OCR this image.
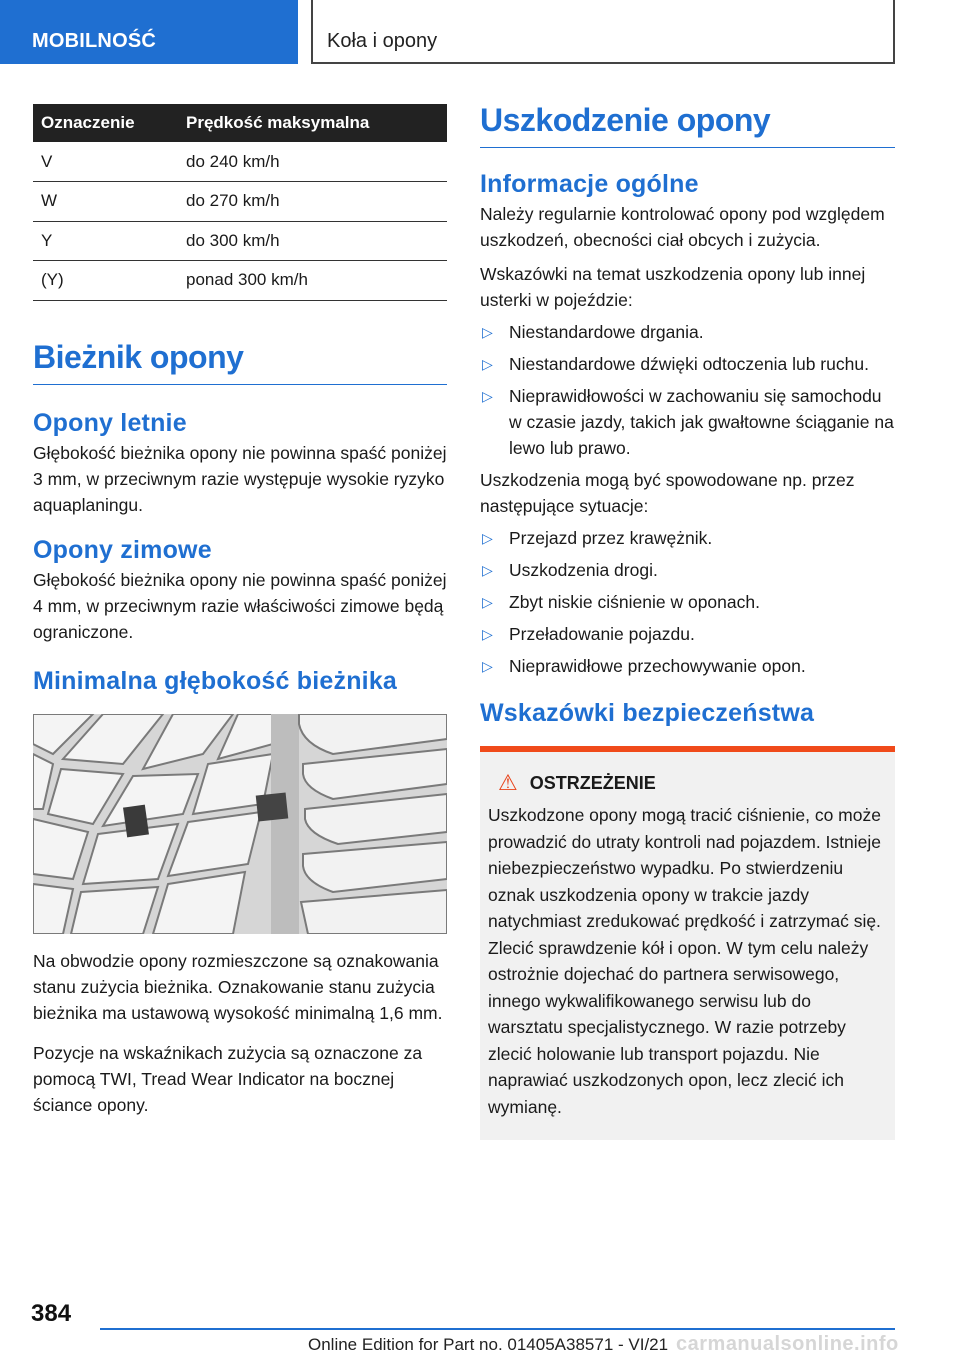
MOBILNOŚĆ	Koła i opony
Oznaczenie	Prędkość maksymalna
V	do 240 km/h
W	do 270 km/h
Y	do 300 km/h
(Y)	ponad 300 km/h
Bieżnik opony
Opony letnie

Głębokość bieżnika opony nie powinna spaść poniżej 3 mm, w przeciwnym razie występuje wysokie ryzyko aquaplaningu.

Opony zimowe

Głębokość bieżnika opony nie powinna spaść poniżej 4 mm, w przeciwnym razie właściwości zimowe będą ograniczone.

Minimalna głębokość bieżnika

Na obwodzie opony rozmieszczone są oznakowania stanu zużycia bieżnika. Oznakowanie stanu zużycia bieżnika ma ustawową wysokość minimalną 1,6 mm.

Pozycje na wskaźnikach zużycia są oznaczone za pomocą TWI, Tread Wear Indicator na bocznej ściance opony.

Uszkodzenie opony
Informacje ogólne

Należy regularnie kontrolować opony pod względem uszkodzeń, obecności ciał obcych i zużycia.

Wskazówki na temat uszkodzenia opony lub innej usterki w pojeździe:

▷ Niestandardowe drgania.
▷ Niestandardowe dźwięki odtoczenia lub ruchu.
▷ Nieprawidłowości w zachowaniu się samochodu w czasie jazdy, takich jak gwałtowne ściąganie na lewo lub prawo.

Uszkodzenia mogą być spowodowane np. przez następujące sytuacje:

▷ Przejazd przez krawężnik.
▷ Uszkodzenia drogi.
▷ Zbyt niskie ciśnienie w oponach.
▷ Przeładowanie pojazdu.
▷ Nieprawidłowe przechowywanie opon.
Wskazówki bezpieczeństwa
⚠ OSTRZEŻENIE

Uszkodzone opony mogą tracić ciśnienie, co może prowadzić do utraty kontroli nad pojazdem. Istnieje niebezpieczeństwo wypadku. Po stwierdzeniu oznak uszkodzenia opony w trakcie jazdy natychmiast zredukować prędkość i zatrzymać się. Zlecić sprawdzenie kół i opon. W tym celu należy ostrożnie dojechać do partnera serwisowego, innego wykwalifikowanego serwisu lub do warsztatu specjalistycznego. W razie potrzeby zlecić holowanie lub transport pojazdu. Nie naprawiać uszkodzonych opon, lecz zlecić ich wymianę.

384
Online Edition for Part no. 01405A38571 - VI/21 carmanualsonline.info
